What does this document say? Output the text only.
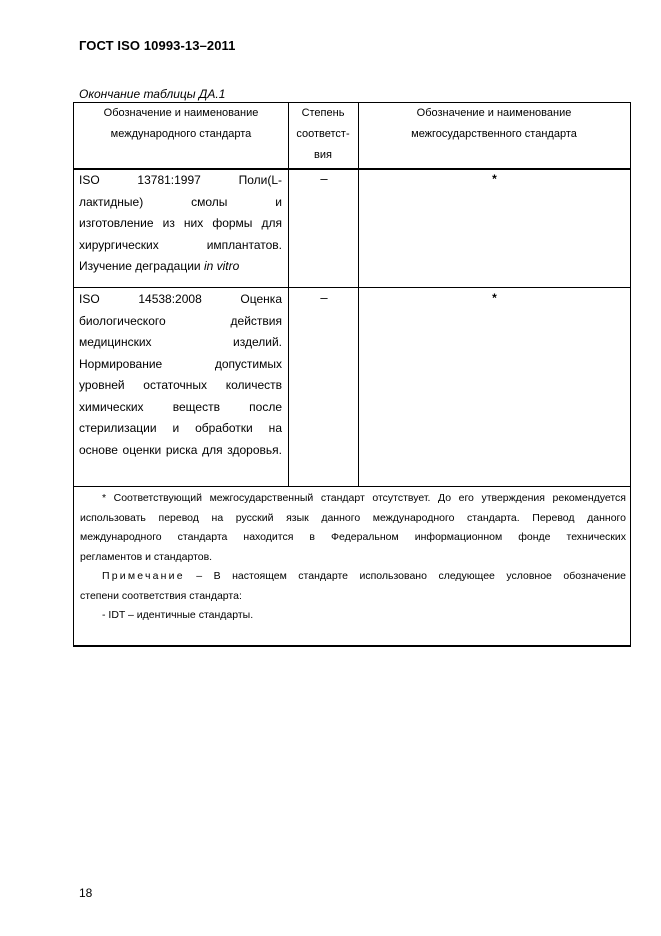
ГОСТ ISO 10993-13–2011
Окончание таблицы ДА.1
Обозначение и наименование
международного стандарта
Степень
соответст-
вия
Обозначение и наименование
межгосударственного стандарта
ISO 13781:1997 Поли(L-
лактидные) смолы и
изготовление из них формы для
хирургических имплантатов.
Изучение деградации in vitro
–	*
ISO 14538:2008 Оценка
биологического действия
медицинских изделий.
Нормирование допустимых
уровней остаточных количеств
химических веществ после
стерилизации и обработки на
основе оценки риска для здоровья.
–	*
* Соответствующий межгосударственный стандарт отсутствует. До его утверждения рекомендуется
использовать перевод на русский язык данного международного стандарта. Перевод данного
международного стандарта находится в Федеральном информационном фонде технических
регламентов и стандартов.
Примечание – В настоящем стандарте использовано следующее условное обозначение
степени соответствия стандарта:
- IDT – идентичные стандарты.
18
